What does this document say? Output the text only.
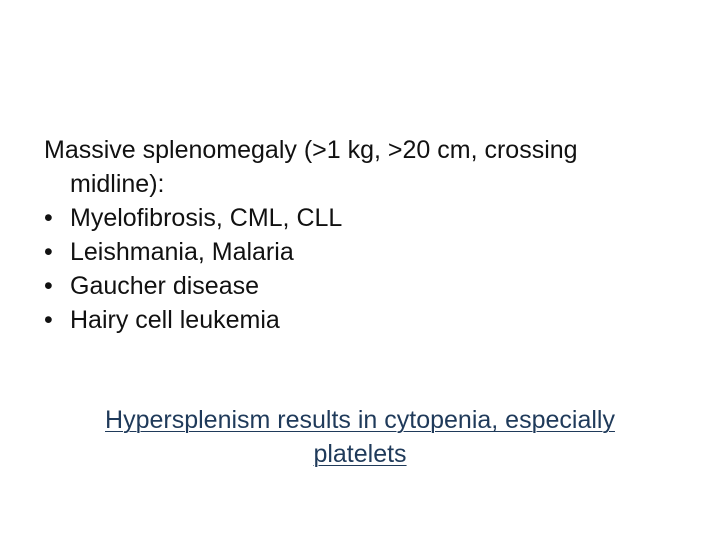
Massive splenomegaly (>1 kg, >20 cm, crossing
midline):
• Myelofibrosis, CML, CLL
• Leishmania, Malaria
• Gaucher disease
• Hairy cell leukemia
Hypersplenism results in cytopenia, especially
platelets
